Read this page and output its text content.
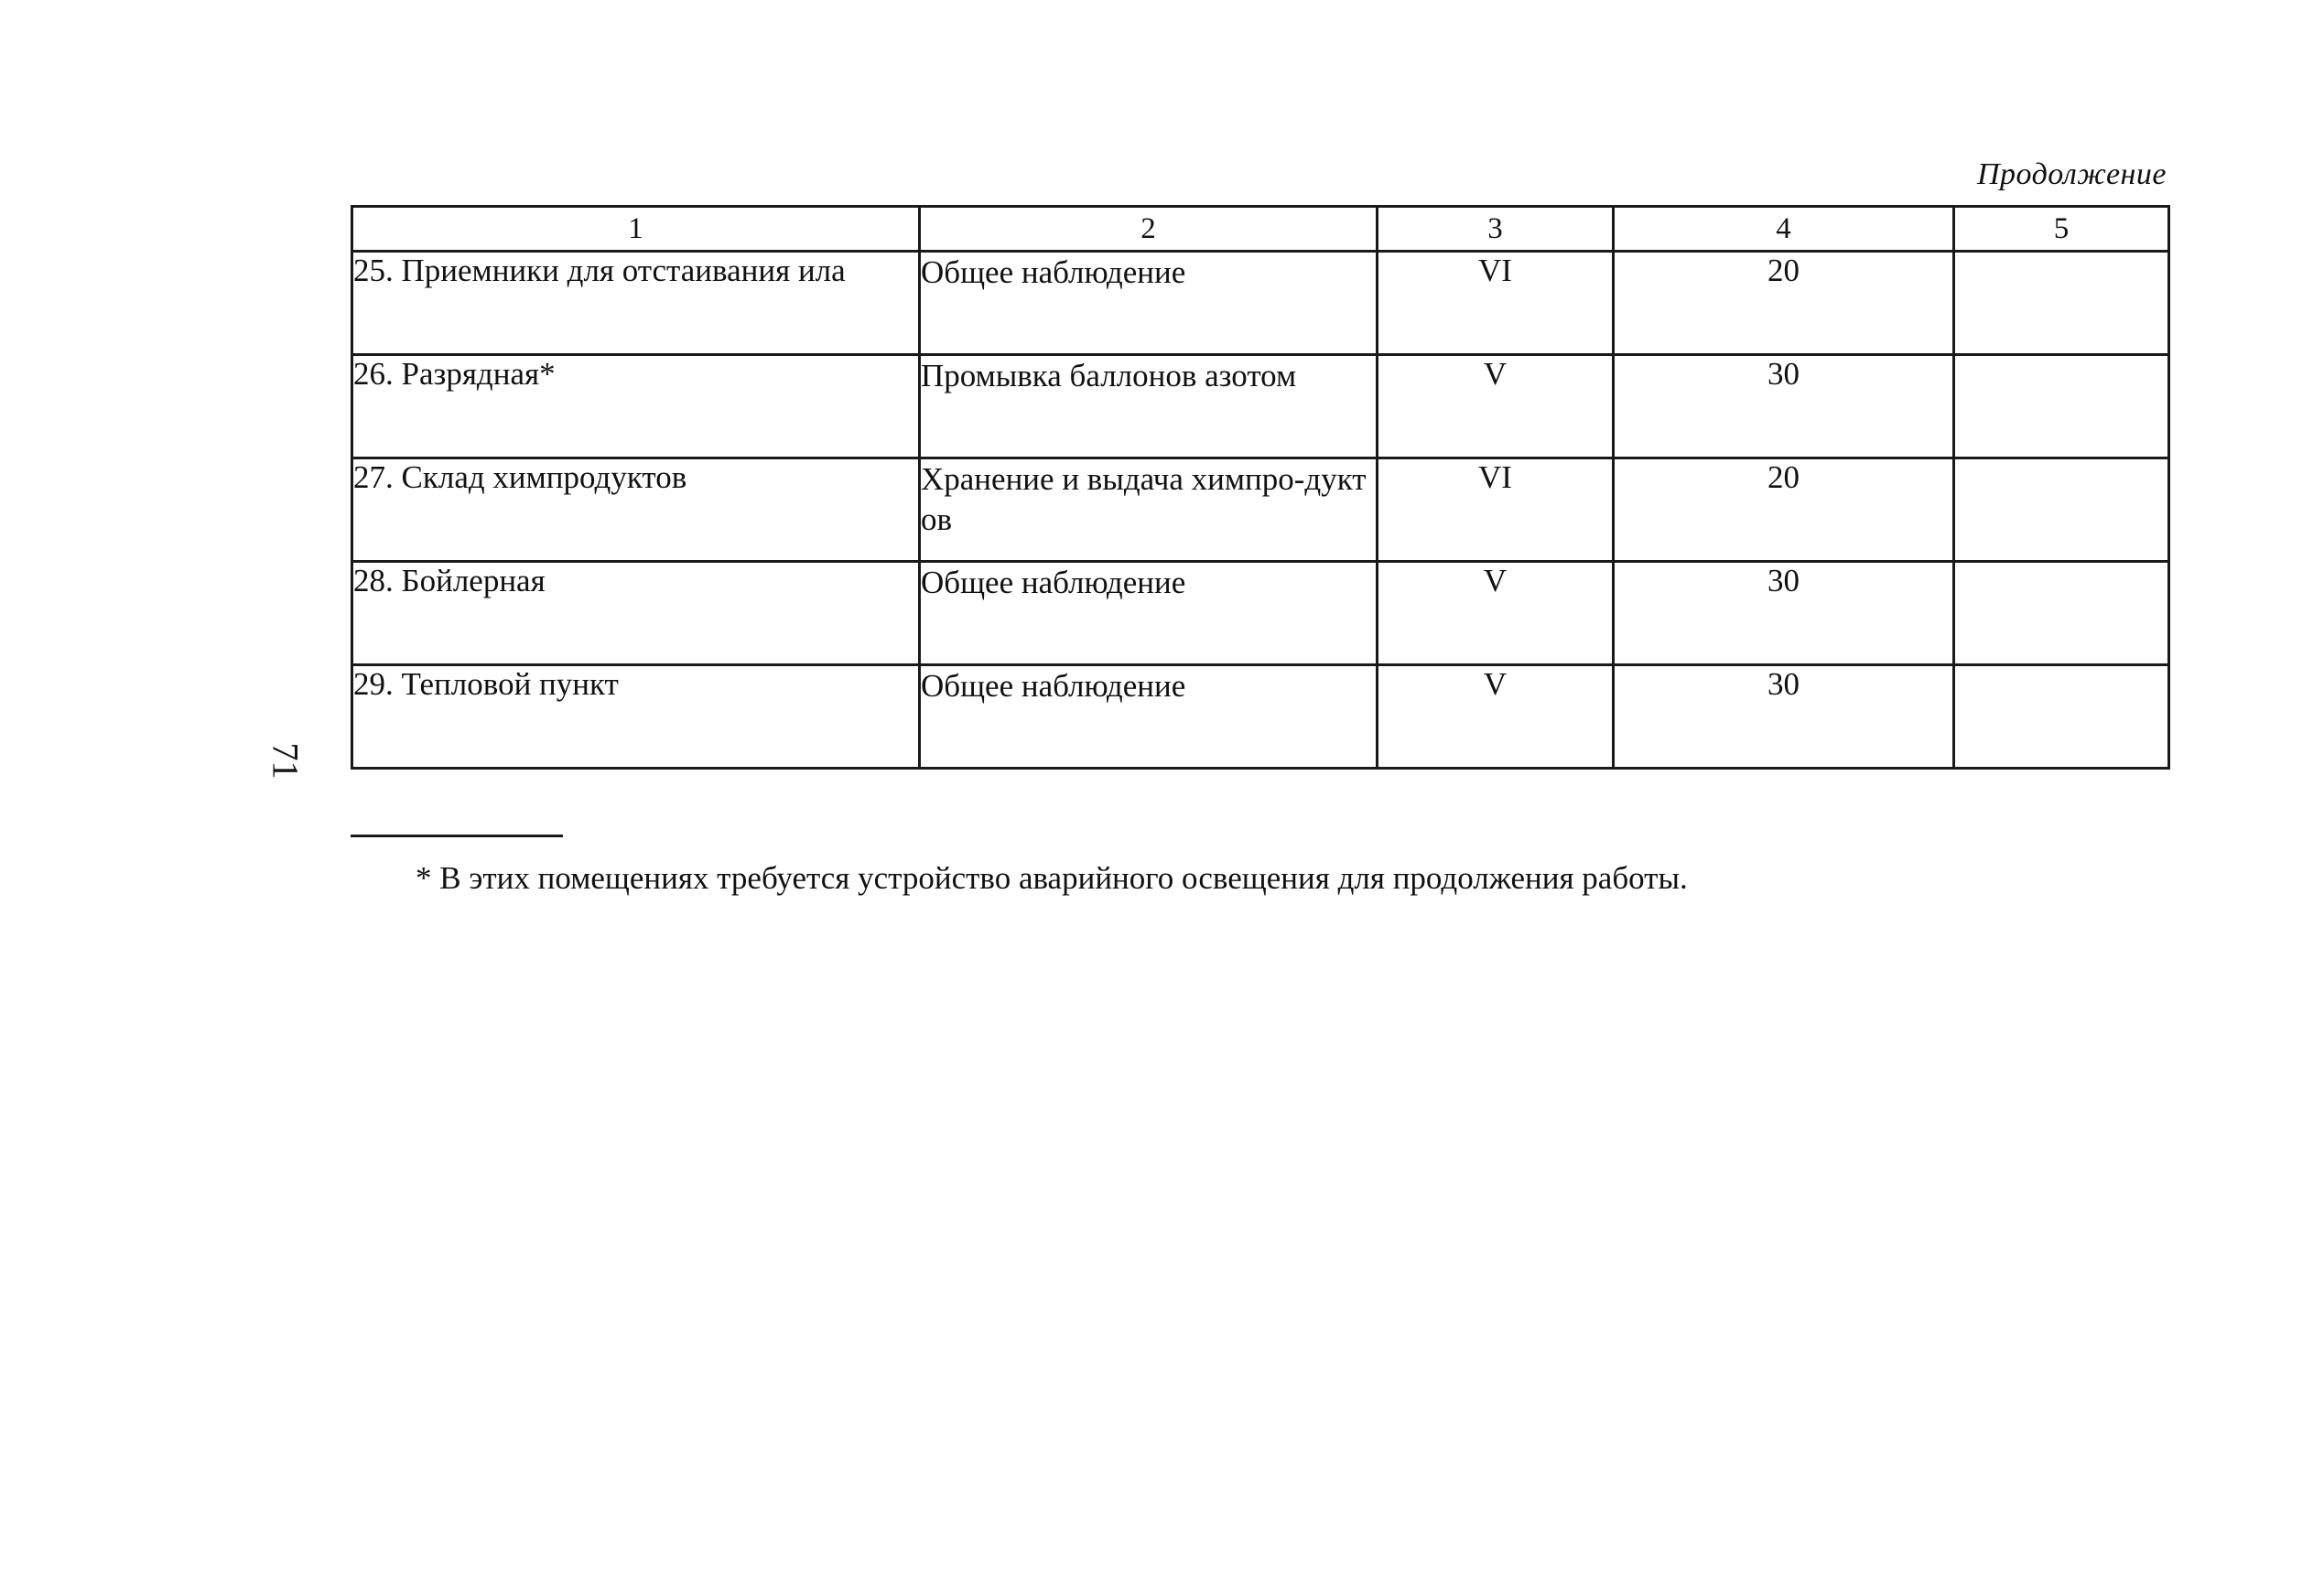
Продолжение
1	2	3	4	5
25. Приемники для отстаивания ила	Общее наблюдение	VI	20	
26. Разрядная*	Промывка баллонов азотом	V	30	
27. Склад химпродуктов	Хранение и выдача химпро-дуктов	VI	20	
28. Бойлерная	Общее наблюдение	V	30	
29. Тепловой пункт	Общее наблюдение	V	30	
71
* В этих помещениях требуется устройство аварийного освещения для продолжения работы.
